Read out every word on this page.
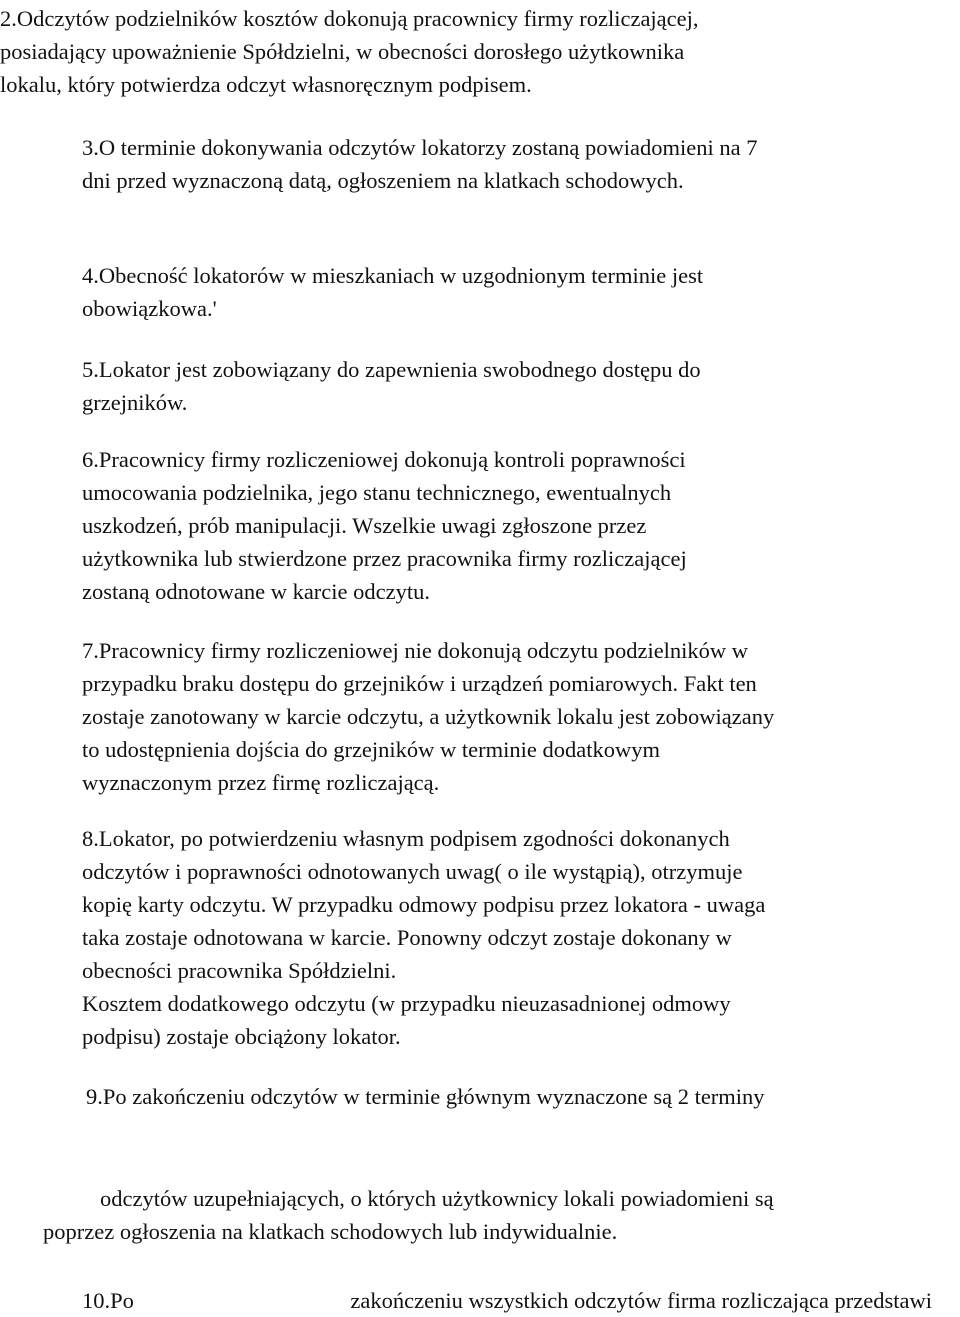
2.Odczytów podzielników kosztów dokonują pracownicy firmy rozliczającej,
posiadający upoważnienie Spółdzielni, w obecności dorosłego użytkownika
lokalu, który potwierdza odczyt własnoręcznym podpisem.
3.O terminie dokonywania odczytów lokatorzy zostaną powiadomieni na 7
dni przed wyznaczoną datą, ogłoszeniem na klatkach schodowych.
4.Obecność lokatorów w mieszkaniach w uzgodnionym terminie jest
obowiązkowa.'
5.Lokator jest zobowiązany do zapewnienia swobodnego dostępu do
grzejników.
6.Pracownicy firmy rozliczeniowej dokonują kontroli poprawności
umocowania podzielnika, jego stanu technicznego, ewentualnych
uszkodzeń, prób manipulacji. Wszelkie uwagi zgłoszone przez
użytkownika lub stwierdzone przez pracownika firmy rozliczającej
zostaną odnotowane w karcie odczytu.
7.Pracownicy firmy rozliczeniowej nie dokonują odczytu podzielników w
przypadku braku dostępu do grzejników i urządzeń pomiarowych. Fakt ten
zostaje zanotowany w karcie odczytu, a użytkownik lokalu jest zobowiązany
to udostępnienia dojścia do grzejników w terminie dodatkowym
wyznaczonym przez firmę rozliczającą.
8.Lokator, po potwierdzeniu własnym podpisem zgodności dokonanych
odczytów i poprawności odnotowanych uwag( o ile wystąpią), otrzymuje
kopię karty odczytu. W przypadku odmowy podpisu przez lokatora - uwaga
taka zostaje odnotowana w karcie. Ponowny odczyt zostaje dokonany w
obecności pracownika Spółdzielni.
Kosztem dodatkowego odczytu (w przypadku nieuzasadnionej odmowy
podpisu) zostaje obciążony lokator.
9.Po zakończeniu odczytów w terminie głównym wyznaczone są 2 terminy
odczytów uzupełniających, o których użytkownicy lokali powiadomieni są
poprzez ogłoszenia na klatkach schodowych lub indywidualnie.
10.Po	zakończeniu wszystkich odczytów firma rozliczająca przedstawi
